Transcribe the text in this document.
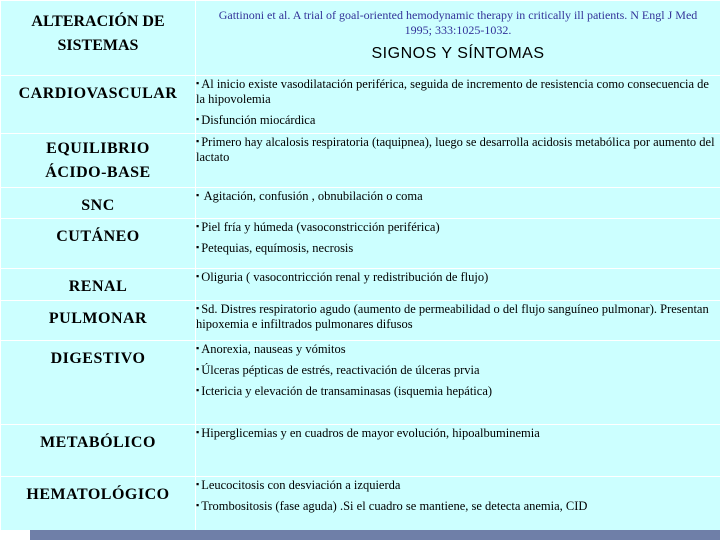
ALTERACIÓN DE
SISTEMAS	Gattinoni et al. A trial of goal-oriented hemodynamic therapy in critically ill patients. N Engl J Med 1995; 333:1025-1032.
SIGNOS Y SÍNTOMAS

CARDIOVASCULAR	▪ Al inicio existe vasodilatación periférica, seguida de incremento de resistencia como consecuencia de la hipovolemia
▪ Disfunción miocárdica

EQUILIBRIO
ÁCIDO-BASE	▪ Primero hay alcalosis respiratoria (taquipnea), luego se desarrolla acidosis metabólica por aumento del lactato

SNC	▪ Agitación, confusión , obnubilación o coma

CUTÁNEO	▪ Piel fría y húmeda (vasoconstricción periférica)
▪ Petequias, equímosis, necrosis

RENAL	▪ Oliguria ( vasocontricción renal y redistribución de flujo)

PULMONAR	▪ Sd. Distres respiratorio agudo (aumento de permeabilidad o del flujo sanguíneo pulmonar). Presentan hipoxemia e infiltrados pulmonares difusos

DIGESTIVO	▪ Anorexia, nauseas y vómitos
▪ Úlceras pépticas de estrés, reactivación de úlceras prvia
▪ Ictericia y elevación de transaminasas (isquemia hepática)

METABÓLICO	▪ Hiperglicemias y en cuadros de mayor evolución, hipoalbuminemia

HEMATOLÓGICO	▪ Leucocitosis con desviación a izquierda
▪ Trombositosis (fase aguda) .Si el cuadro se mantiene, se detecta anemia, CID
